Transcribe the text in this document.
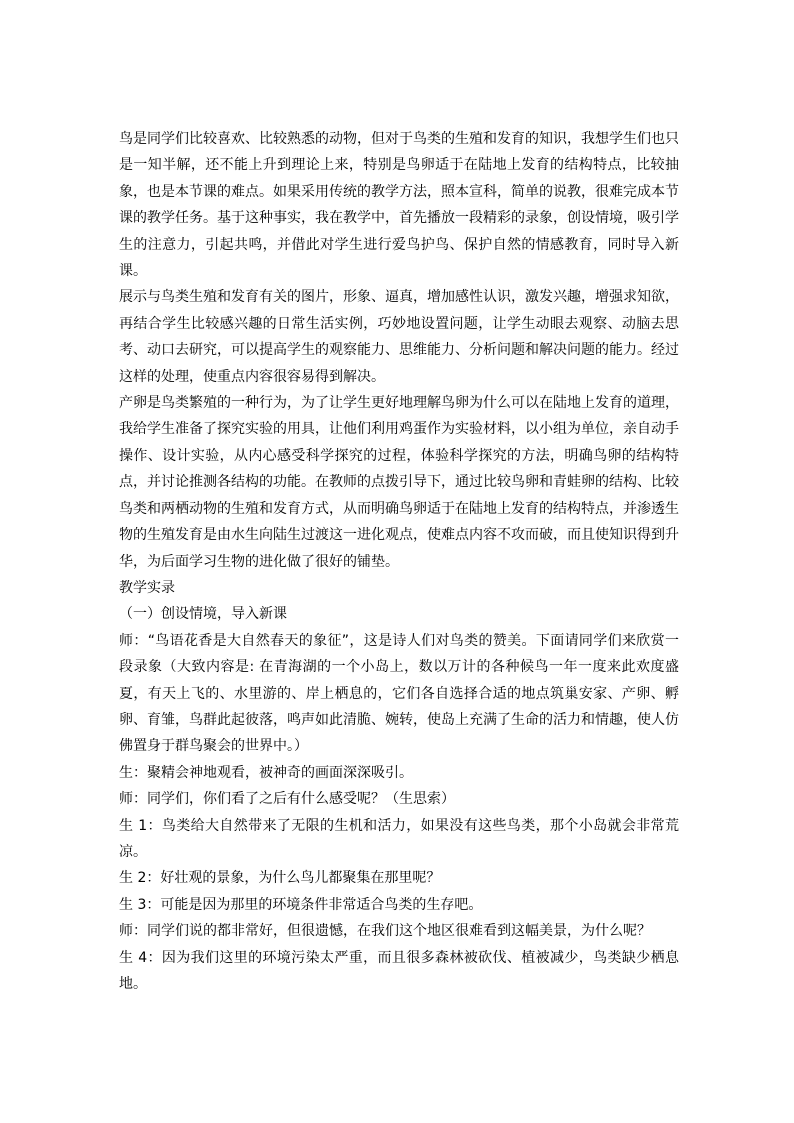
鸟是同学们比较喜欢、比较熟悉的动物，但对于鸟类的生殖和发育的知识，我想学生们也只是一知半解，还不能上升到理论上来，特别是鸟卵适于在陆地上发育的结构特点，比较抽象，也是本节课的难点。如果采用传统的教学方法，照本宣科，简单的说教，很难完成本节课的教学任务。基于这种事实，我在教学中，首先播放一段精彩的录象，创设情境，吸引学生的注意力，引起共鸣，并借此对学生进行爱鸟护鸟、保护自然的情感教育，同时导入新课。

展示与鸟类生殖和发育有关的图片，形象、逼真，增加感性认识，激发兴趣，增强求知欲，再结合学生比较感兴趣的日常生活实例，巧妙地设置问题，让学生动眼去观察、动脑去思考、动口去研究，可以提高学生的观察能力、思维能力、分析问题和解决问题的能力。经过这样的处理，使重点内容很容易得到解决。

产卵是鸟类繁殖的一种行为，为了让学生更好地理解鸟卵为什么可以在陆地上发育的道理，我给学生准备了探究实验的用具，让他们利用鸡蛋作为实验材料，以小组为单位，亲自动手操作、设计实验，从内心感受科学探究的过程，体验科学探究的方法，明确鸟卵的结构特点，并讨论推测各结构的功能。在教师的点拨引导下，通过比较鸟卵和青蛙卵的结构、比较鸟类和两栖动物的生殖和发育方式，从而明确鸟卵适于在陆地上发育的结构特点，并渗透生物的生殖发育是由水生向陆生过渡这一进化观点，使难点内容不攻而破，而且使知识得到升华，为后面学习生物的进化做了很好的铺垫。

教学实录

（一）创设情境，导入新课

师：“鸟语花香是大自然春天的象征”，这是诗人们对鸟类的赞美。下面请同学们来欣赏一段录象（大致内容是: 在青海湖的一个小岛上，数以万计的各种候鸟一年一度来此欢度盛夏，有天上飞的、水里游的、岸上栖息的，它们各自选择合适的地点筑巢安家、产卵、孵卵、育雏，鸟群此起彼落，鸣声如此清脆、婉转，使岛上充满了生命的活力和情趣，使人仿佛置身于群鸟聚会的世界中。）

生：聚精会神地观看，被神奇的画面深深吸引。

师：同学们，你们看了之后有什么感受呢？（生思索）

生 1：鸟类给大自然带来了无限的生机和活力，如果没有这些鸟类，那个小岛就会非常荒凉。

生 2：好壮观的景象，为什么鸟儿都聚集在那里呢？

生 3：可能是因为那里的环境条件非常适合鸟类的生存吧。

师：同学们说的都非常好，但很遗憾，在我们这个地区很难看到这幅美景，为什么呢？

生 4：因为我们这里的环境污染太严重，而且很多森林被砍伐、植被减少，鸟类缺少栖息地。
